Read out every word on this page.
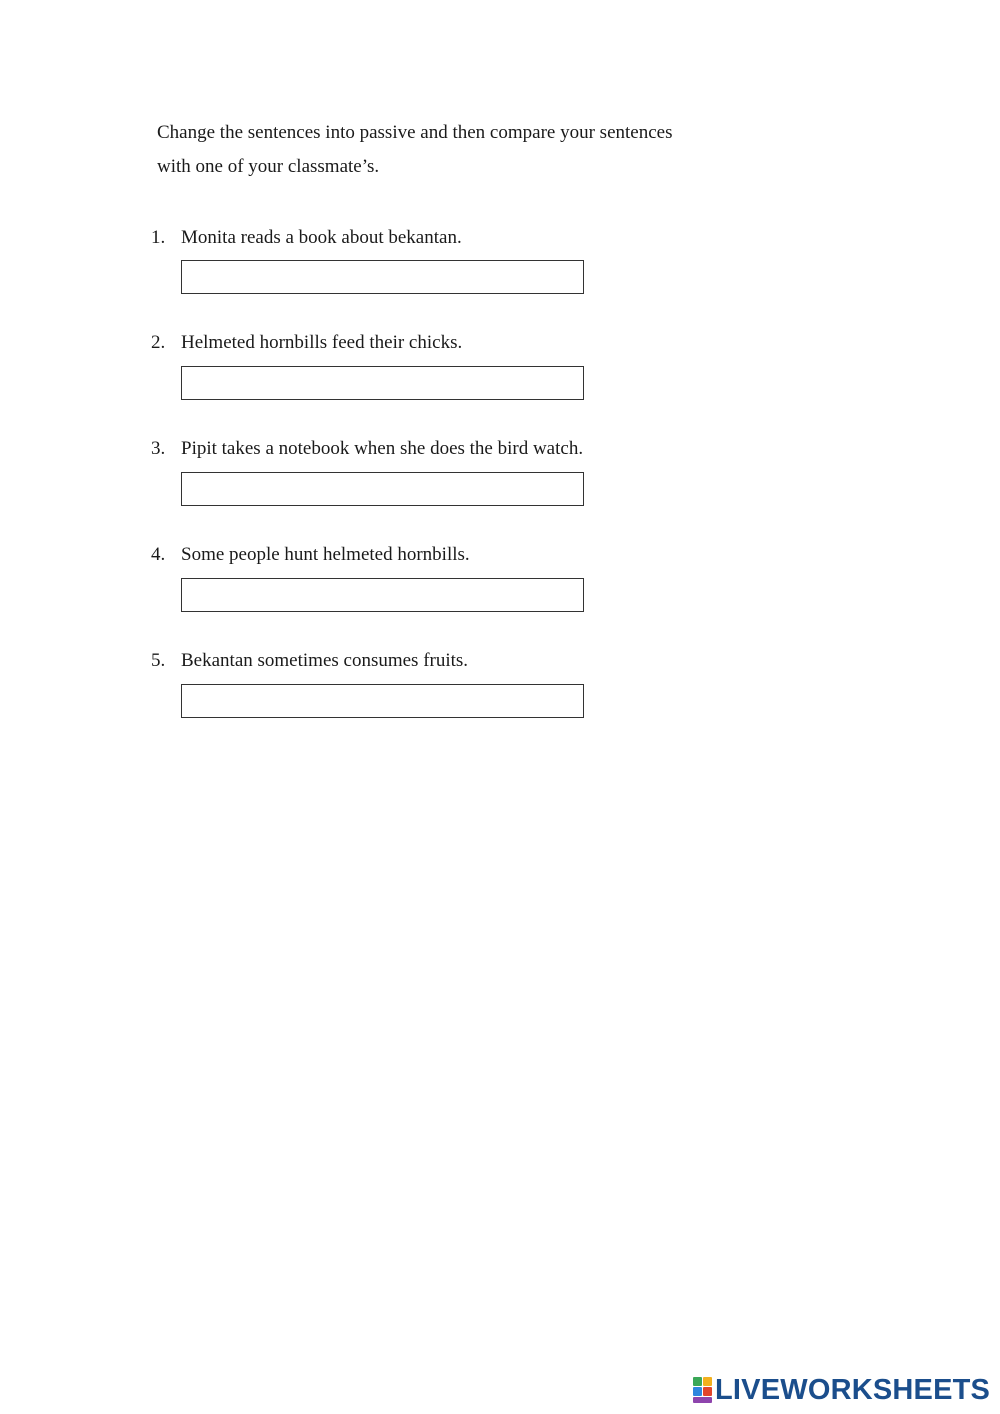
Change the sentences into passive and then compare your sentences
with one of your classmate’s.
1. Monita reads a book about bekantan.
2. Helmeted hornbills feed their chicks.
3. Pipit takes a notebook when she does the bird watch.
4. Some people hunt helmeted hornbills.
5. Bekantan sometimes consumes fruits.
LIVEWORKSHEETS
